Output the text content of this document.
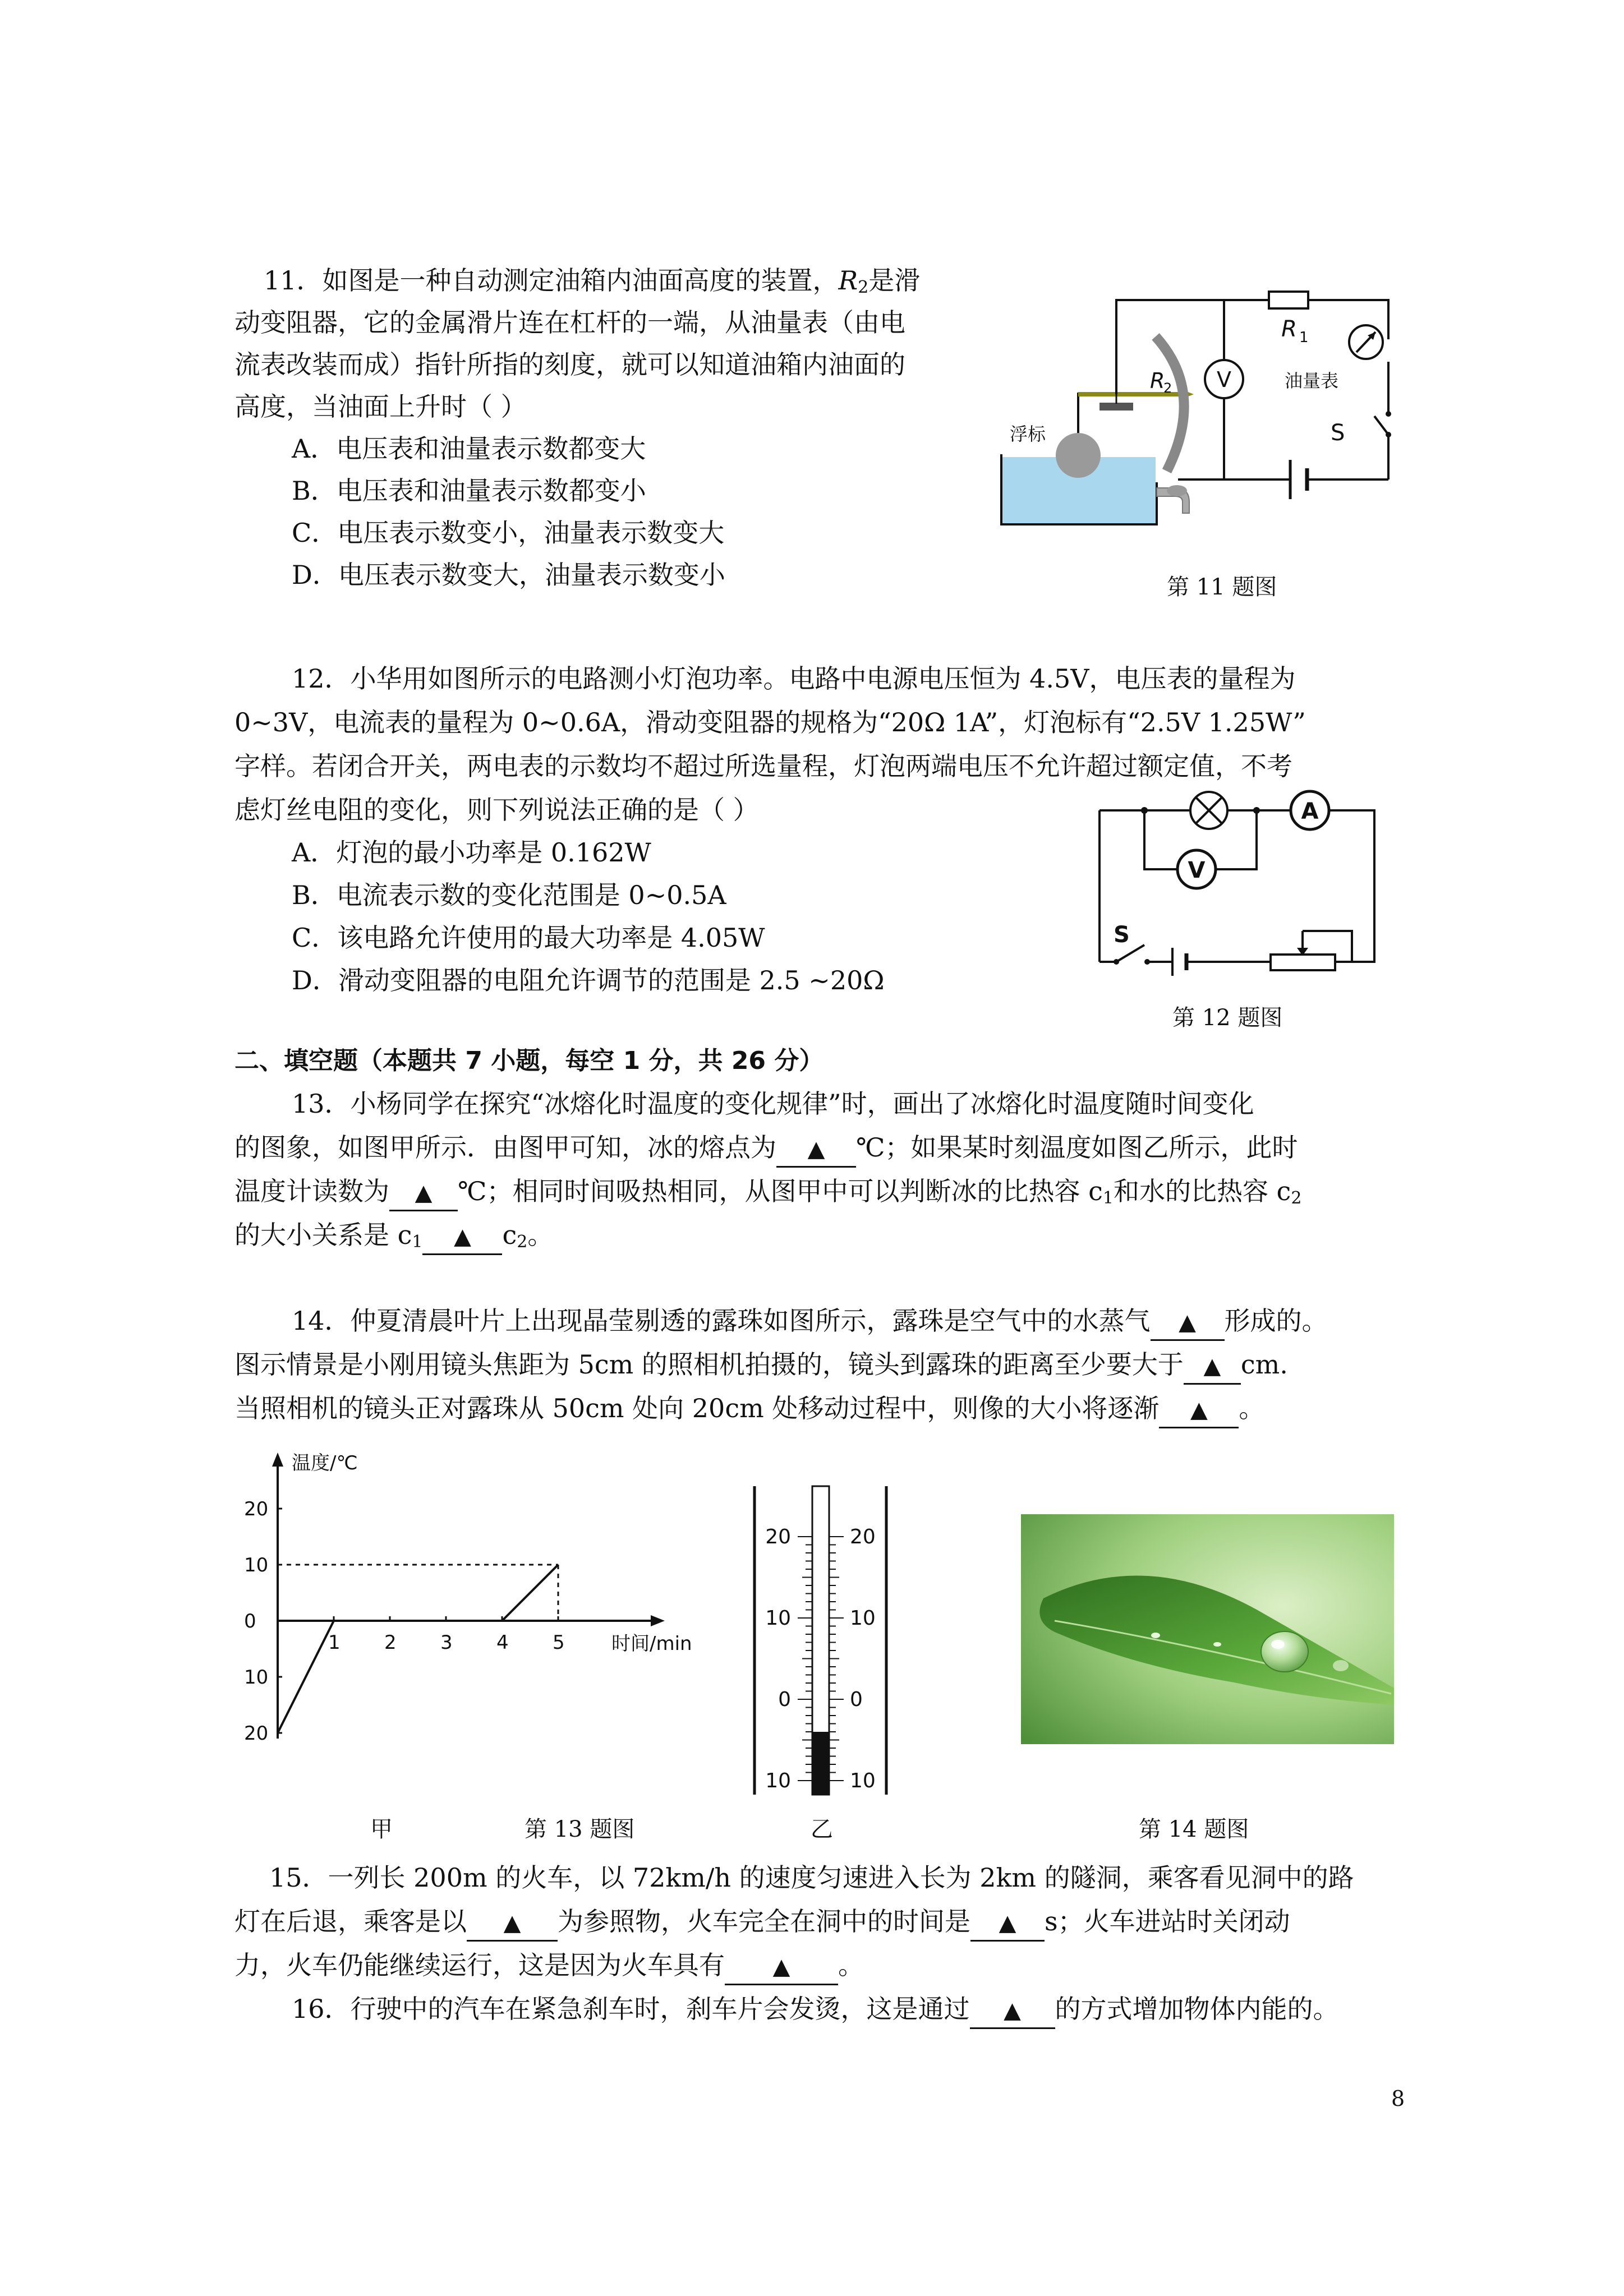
11．如图是一种自动测定油箱内油面高度的装置，$R_2$是滑
动变阻器，它的金属滑片连在杠杆的一端，从油量表（由电
流表改装而成）指针所指的刻度，就可以知道油箱内油面的
高度，当油面上升时（ ）
A．电压表和油量表示数都变大
B．电压表和油量表示数都变小
C．电压表示数变小，油量表示数变大
D．电压表示数变大，油量表示数变小
V
R 1
R
2	油量表
S
浮标
第 11 题图
12．小华用如图所示的电路测小灯泡功率。电路中电源电压恒为 4.5V，电压表的量程为
0~3V，电流表的量程为 0~0.6A，滑动变阻器的规格为“20Ω 1A”，灯泡标有“2.5V 1.25W”
字样。若闭合开关，两电表的示数均不超过所选量程，灯泡两端电压不允许超过额定值，不考
虑灯丝电阻的变化，则下列说法正确的是（ ）
A．灯泡的最小功率是 0.162W
B．电流表示数的变化范围是 0~0.5A
C．该电路允许使用的最大功率是 4.05W
D．滑动变阻器的电阻允许调节的范围是 2.5 ~20Ω
A
V
S
第 12 题图
二、填空题（本题共 7 小题，每空 1 分，共 26 分）
13．小杨同学在探究“冰熔化时温度的变化规律”时，画出了冰熔化时温度随时间变化
的图象，如图甲所示．由图甲可知，冰的熔点为 ▲ ℃；如果某时刻温度如图乙所示，此时
温度计读数为 ▲ ℃；相同时间吸热相同，从图甲中可以判断冰的比热容 $c_1$和水的比热容 $c_2$
的大小关系是 $c_1$ ▲ $c_2$。
14．仲夏清晨叶片上出现晶莹剔透的露珠如图所示，露珠是空气中的水蒸气 ▲ 形成的。
图示情景是小刚用镜头焦距为 5cm 的照相机拍摄的，镜头到露珠的距离至少要大于 ▲ cm.
当照相机的镜头正对露珠从 50cm 处向 20cm 处移动过程中，则像的大小将逐渐 ▲ 。
20
10
0
10
20
1 2 3 4 5
温度/℃
时间/min
20	20
10	10
0	0
10	10
甲	第 13 题图	乙	第 14 题图
15．一列长 200m 的火车，以 72km/h 的速度匀速进入长为 2km 的隧洞，乘客看见洞中的路
灯在后退，乘客是以 ▲ 为参照物，火车完全在洞中的时间是 ▲ s；火车进站时关闭动
力，火车仍能继续运行，这是因为火车具有 ▲ 。
16．行驶中的汽车在紧急刹车时，刹车片会发烫，这是通过 ▲ 的方式增加物体内能的。
8
